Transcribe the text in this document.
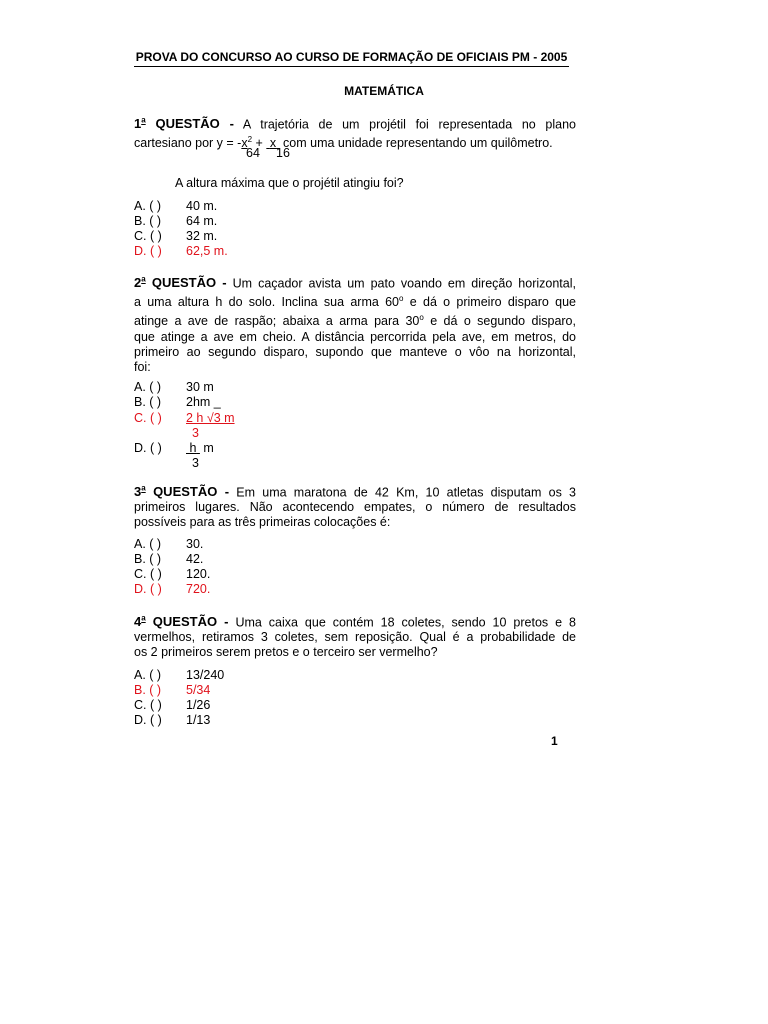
PROVA DO CONCURSO AO CURSO DE FORMAÇÃO DE OFICIAIS PM - 2005
MATEMÁTICA
1$^a$ QUESTÃO - A trajetória de um projétil foi representada no plano
cartesiano por $y = -x^2 + x$ com uma unidade representando um quilômetro.
64 16
A altura máxima que o projétil atingiu foi?
A. ( ) 40 m.
B. ( ) 64 m.
C. ( ) 32 m.
D. ( ) 62,5 m.
2$^a$ QUESTÃO - Um caçador avista um pato voando em direção horizontal,
a uma altura h do solo. Inclina sua arma 60$^o$ e dá o primeiro disparo que
atinge a ave de raspão; abaixa a arma para 30$^o$ e dá o segundo disparo,
que atinge a ave em cheio. A distância percorrida pela ave, em metros, do
primeiro ao segundo disparo, supondo que manteve o vôo na horizontal,
foi:
A. ( ) 30 m
B. ( ) 2hm _
C. ( ) 2 h √3 m
3
D. ( ) h m
3
3$^a$ QUESTÃO - Em uma maratona de 42 Km, 10 atletas disputam os 3
primeiros lugares. Não acontecendo empates, o número de resultados
possíveis para as três primeiras colocações é:
A. ( ) 30.
B. ( ) 42.
C. ( ) 120.
D. ( ) 720.
4$^a$ QUESTÃO - Uma caixa que contém 18 coletes, sendo 10 pretos e 8
vermelhos, retiramos 3 coletes, sem reposição. Qual é a probabilidade de
os 2 primeiros serem pretos e o terceiro ser vermelho?
A. ( ) 13/240
B. ( ) 5/34
C. ( ) 1/26
D. ( ) 1/13
1
